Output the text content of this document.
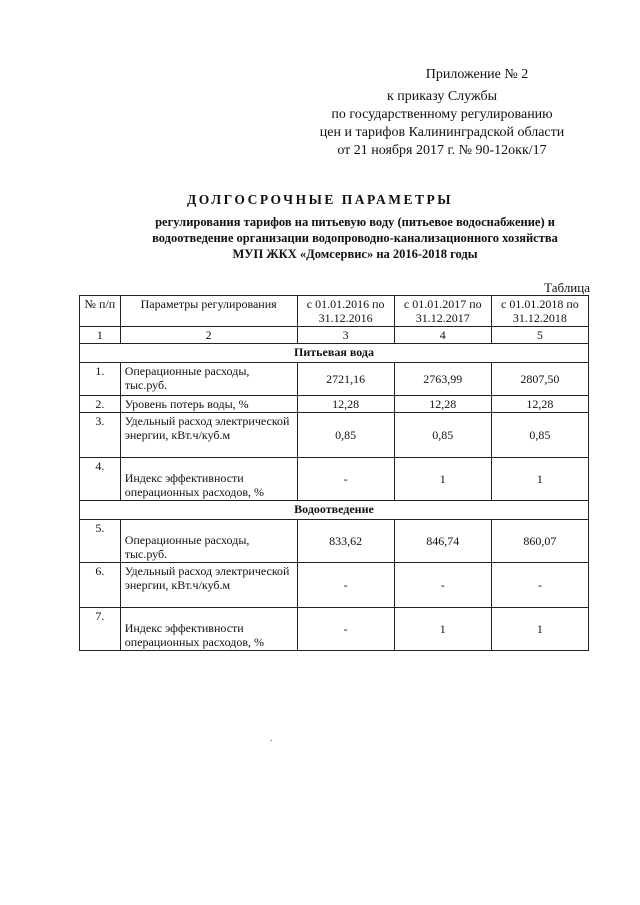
Приложение № 2
к приказу Службы
по государственному регулированию
цен и тарифов Калининградской области
от 21 ноября 2017 г. № 90-12окк/17
ДОЛГОСРОЧНЫЕ ПАРАМЕТРЫ
регулирования тарифов на питьевую воду (питьевое водоснабжение) и
водоотведение организации водопроводно-канализационного хозяйства
МУП ЖКХ «Домсервис» на 2016-2018 годы
Таблица
№ п/п	Параметры регулирования	с 01.01.2016 по 31.12.2016	с 01.01.2017 по 31.12.2017	с 01.01.2018 по 31.12.2018
1	2	3	4	5
Питьевая вода				
1.	Операционные расходы, тыс.руб.	2721,16	2763,99	2807,50
2.	Уровень потерь воды, %	12,28	12,28	12,28
3.	Удельный расход электрической энергии, кВт.ч/куб.м	0,85	0,85	0,85
4.	Индекс эффективности операционных расходов, %	-	1	1
Водоотведение				
5.	Операционные расходы, тыс.руб.	833,62	846,74	860,07
6.	Удельный расход электрической энергии, кВт.ч/куб.м	-	-	-
7.	Индекс эффективности операционных расходов, %	-	1	1
